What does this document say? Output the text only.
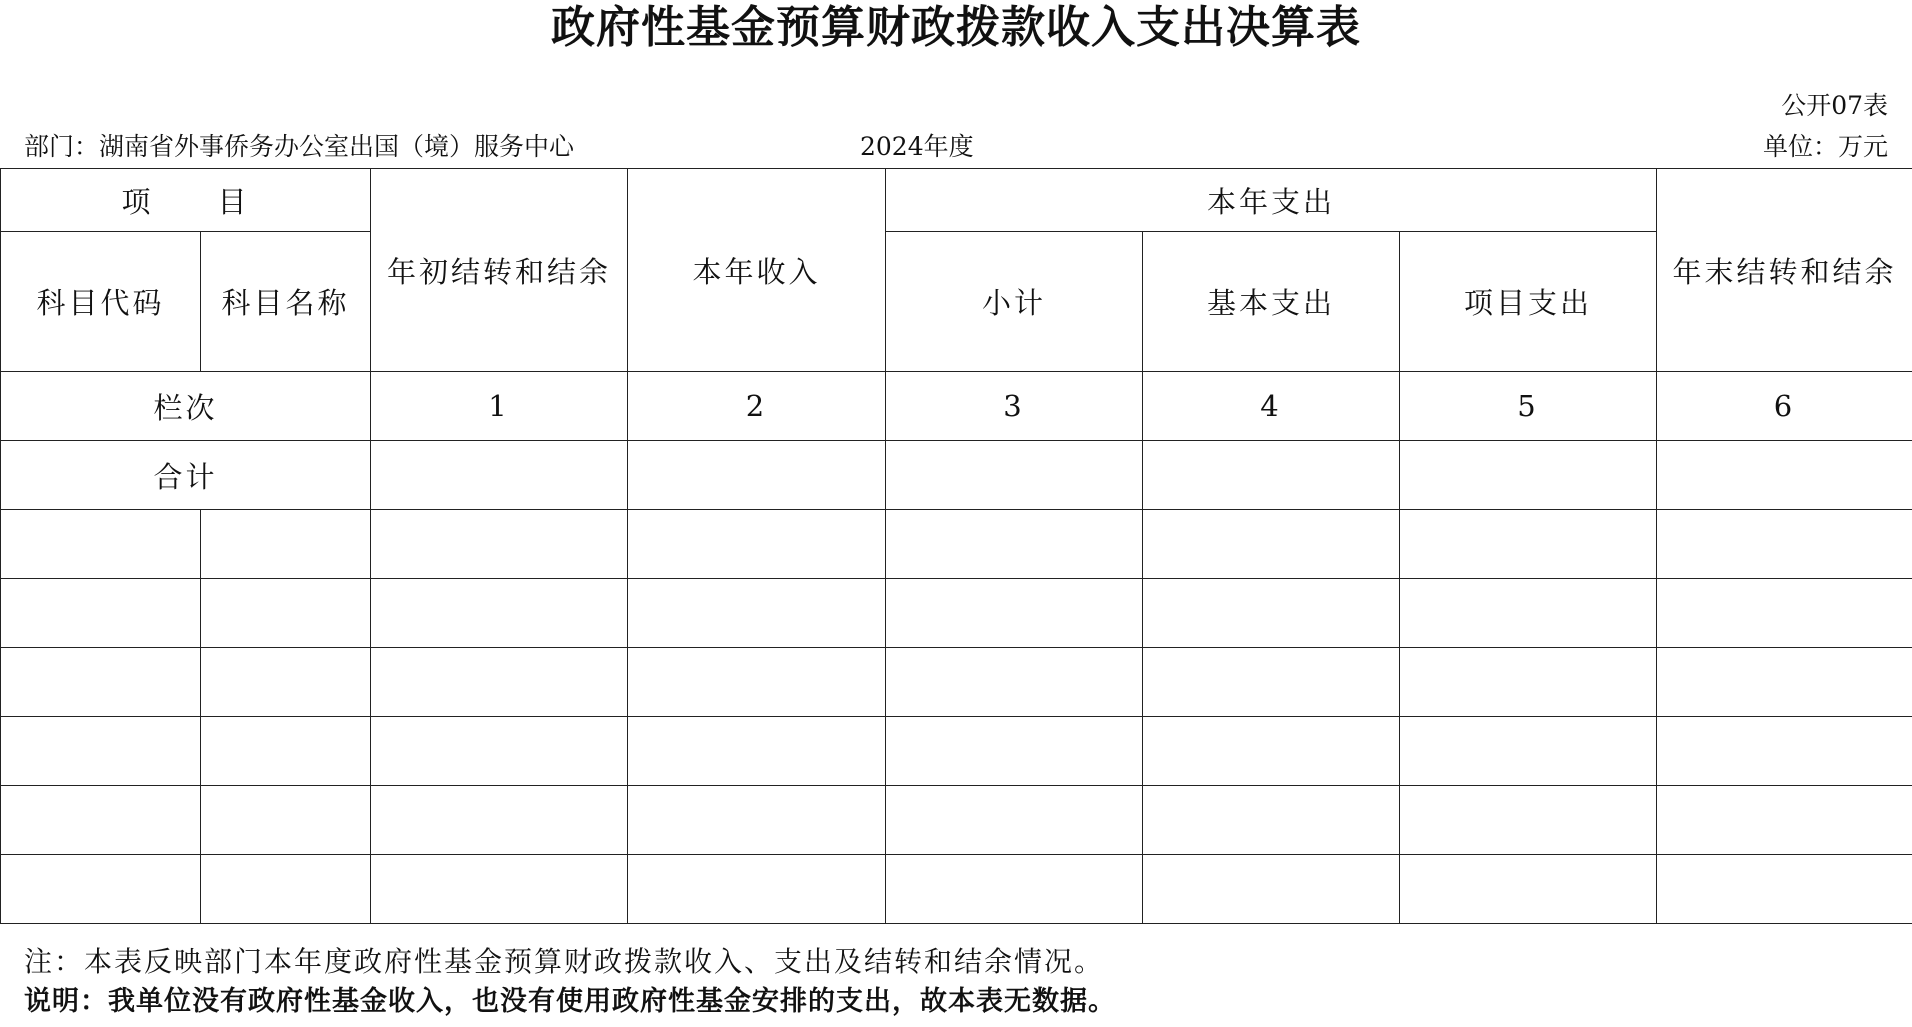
政府性基金预算财政拨款收入支出决算表
公开07表
部门：湖南省外事侨务办公室出国（境）服务中心	2024年度	单位：万元
项　　目		年初结转和结余	本年收入	本年支出			年末结转和结余
科目代码	科目名称			小计	基本支出	项目支出	
栏次		1	2	3	4	5	6
合计							

注：本表反映部门本年度政府性基金预算财政拨款收入、支出及结转和结余情况。
说明：我单位没有政府性基金收入，也没有使用政府性基金安排的支出，故本表无数据。
